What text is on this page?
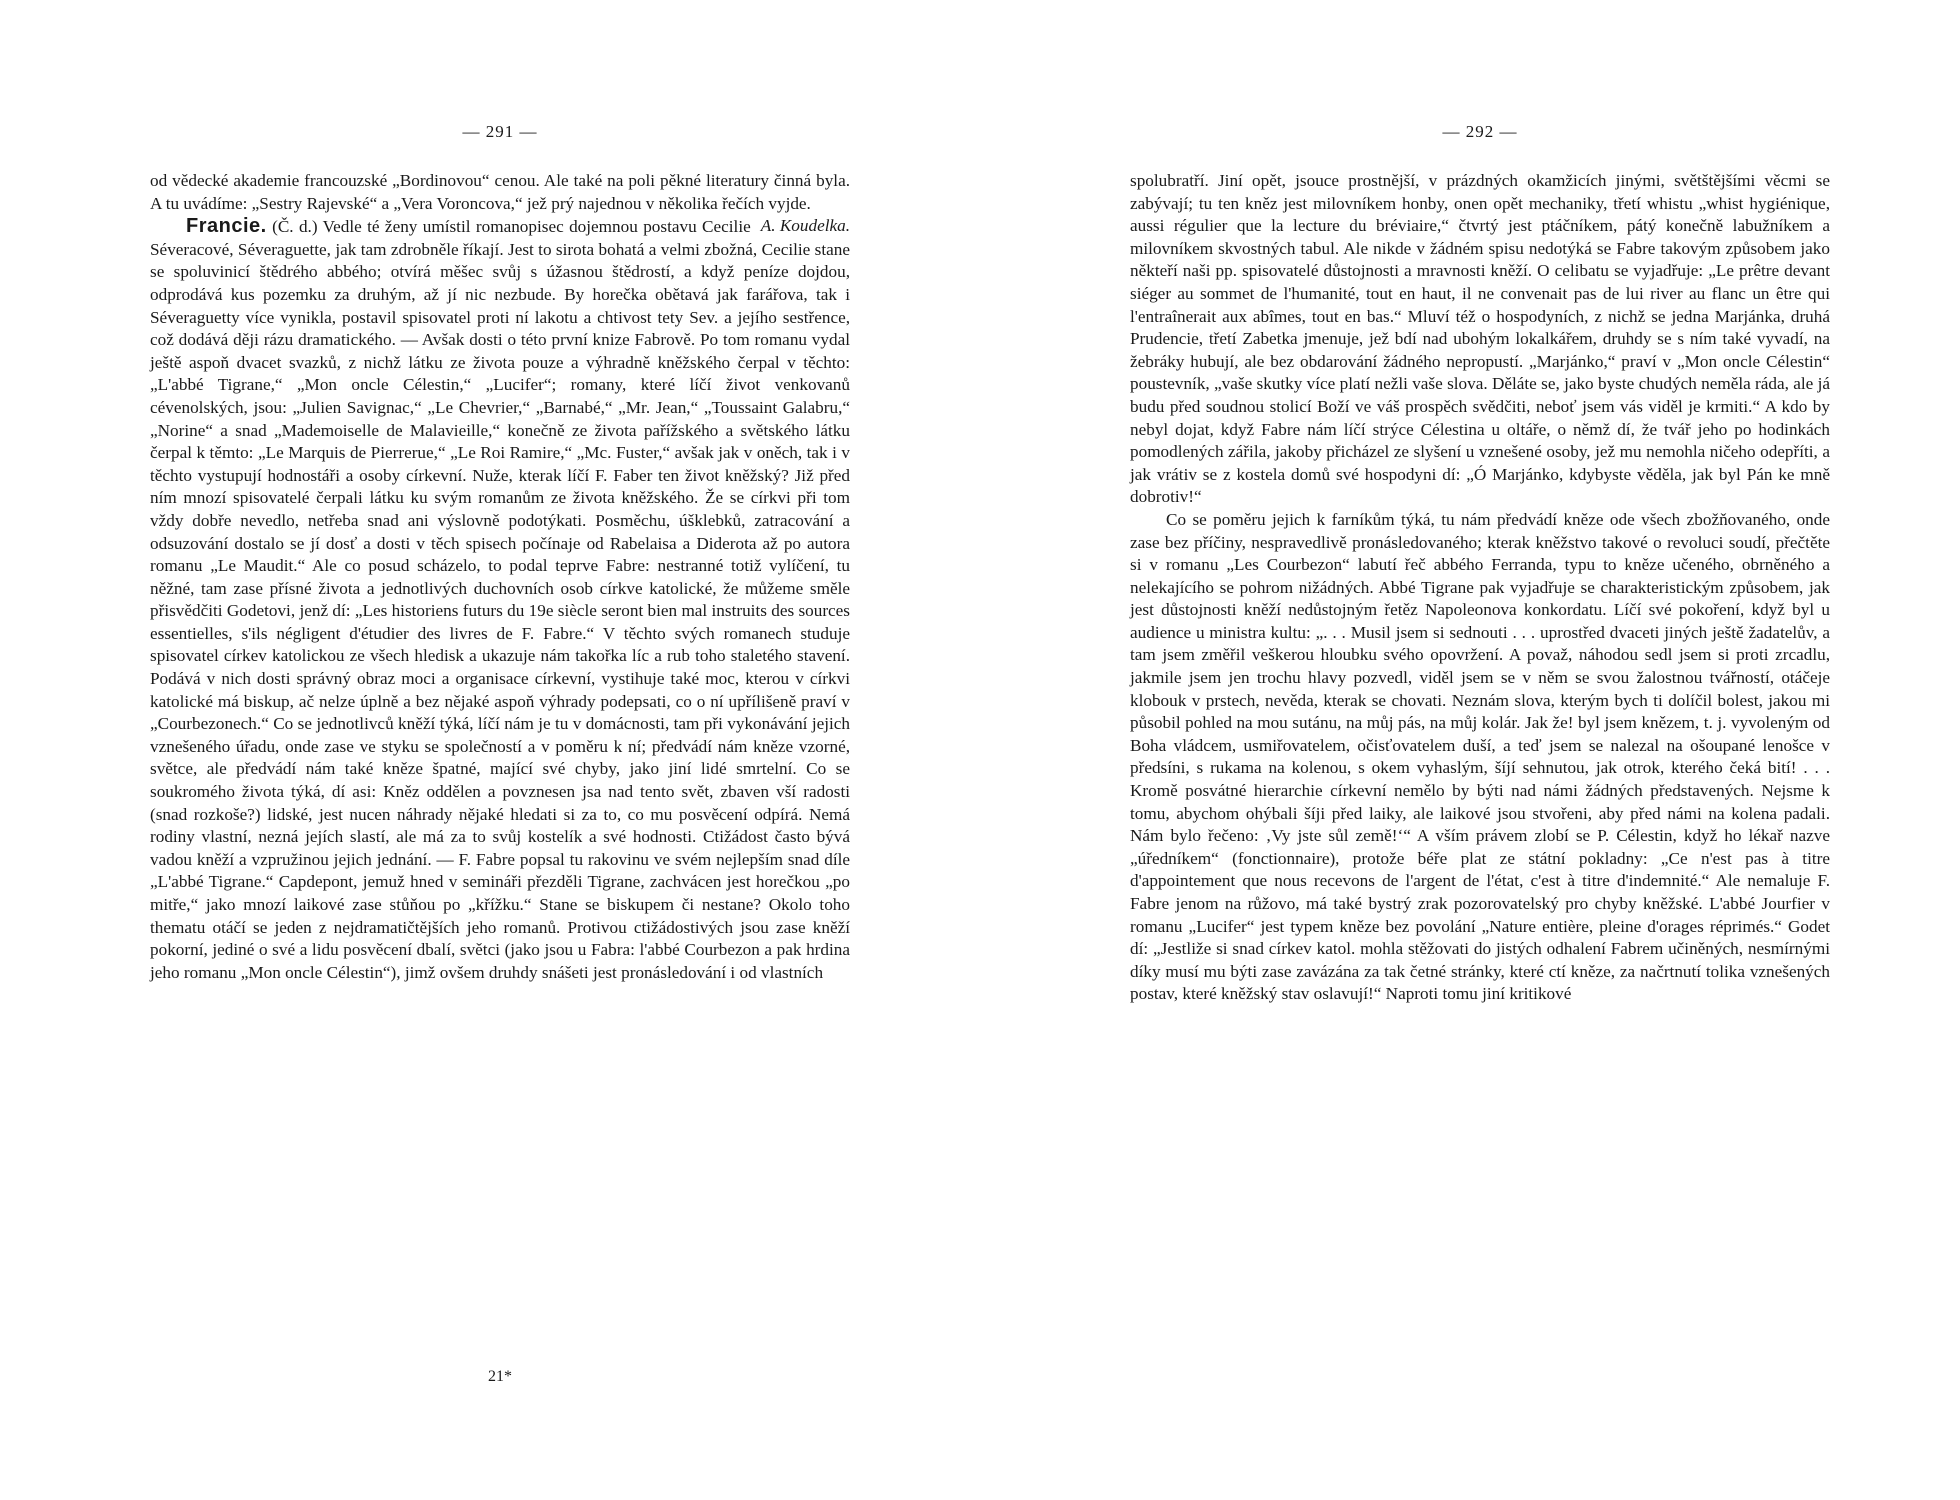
— 291 —

od vědecké akademie francouzské „Bordinovou“ cenou. Ale také na poli pěkné literatury činná byla. A tu uvádíme: „Sestry Rajevské“ a „Vera Voroncova,“ jež prý najednou v několika řečích vyjde.
A. Koudelka.

Francie. (Č. d.) Vedle té ženy umístil romanopisec dojemnou postavu Cecilie Séveracové, Séveraguette, jak tam zdrobněle říkají. Jest to sirota bohatá a velmi zbožná, Cecilie stane se spoluvinicí štědrého abbého; otvírá měšec svůj s úžasnou štědrostí, a když peníze dojdou, odprodává kus pozemku za druhým, až jí nic nezbude. By horečka obětavá jak farářova, tak i Séveraguetty více vynikla, postavil spisovatel proti ní lakotu a chtivost tety Sev. a jejího sestřence, což dodává ději rázu dramatického. — Avšak dosti o této první knize Fabrově. Po tom romanu vydal ještě aspoň dvacet svazků, z nichž látku ze života pouze a výhradně kněžského čerpal v těchto: „L'abbé Tigrane,“ „Mon oncle Célestin,“ „Lucifer“; romany, které líčí život venkovanů cévenolských, jsou: „Julien Savignac,“ „Le Chevrier,“ „Barnabé,“ „Mr. Jean,“ „Toussaint Galabru,“ „Norine“ a snad „Mademoiselle de Malavieille,“ konečně ze života pařížského a světského látku čerpal k těmto: „Le Marquis de Pierrerue,“ „Le Roi Ramire,“ „Mc. Fuster,“ avšak jak v oněch, tak i v těchto vystupují hodnostáři a osoby církevní. Nuže, kterak líčí F. Faber ten život kněžský? Již před ním mnozí spisovatelé čerpali látku ku svým romanům ze života kněžského. Že se církvi při tom vždy dobře nevedlo, netřeba snad ani výslovně podotýkati. Posměchu, úšklebků, zatracování a odsuzování dostalo se jí dosť a dosti v těch spisech počínaje od Rabelaisa a Diderota až po autora romanu „Le Maudit.“ Ale co posud scházelo, to podal teprve Fabre: nestranné totiž vylíčení, tu něžné, tam zase přísné života a jednotlivých duchovních osob církve katolické, že můžeme směle přisvědčiti Godetovi, jenž dí: „Les historiens futurs du 19e siècle seront bien mal instruits des sources essentielles, s'ils négligent d'étudier des livres de F. Fabre.“ V těchto svých romanech studuje spisovatel církev katolickou ze všech hledisk a ukazuje nám takořka líc a rub toho staletého stavení. Podává v nich dosti správný obraz moci a organisace církevní, vystihuje také moc, kterou v církvi katolické má biskup, ač nelze úplně a bez nějaké aspoň výhrady podepsati, co o ní upřílišeně praví v „Courbezonech.“ Co se jednotlivců kněží týká, líčí nám je tu v domácnosti, tam při vykonávání jejich vznešeného úřadu, onde zase ve styku se společností a v poměru k ní; předvádí nám kněze vzorné, světce, ale předvádí nám také kněze špatné, mající své chyby, jako jiní lidé smrtelní. Co se soukromého života týká, dí asi: Kněz oddělen a povznesen jsa nad tento svět, zbaven vší radosti (snad rozkoše?) lidské, jest nucen náhrady nějaké hledati si za to, co mu posvěcení odpírá. Nemá rodiny vlastní, nezná jejích slastí, ale má za to svůj kostelík a své hodnosti. Ctižádost často bývá vadou kněží a vzpružinou jejich jednání. — F. Fabre popsal tu rakovinu ve svém nejlepším snad díle „L'abbé Tigrane.“ Capdepont, jemuž hned v semináři přezděli Tigrane, zachvácen jest horečkou „po mitře,“ jako mnozí laikové zase stůňou po „křížku.“ Stane se biskupem či nestane? Okolo toho thematu otáčí se jeden z nejdramatičtějších jeho romanů. Protivou ctižádostivých jsou zase kněží pokorní, jediné o své a lidu posvěcení dbalí, světci (jako jsou u Fabra: l'abbé Courbezon a pak hrdina jeho romanu „Mon oncle Célestin“), jimž ovšem druhdy snášeti jest pronásledování i od vlastních

21*
— 292 —

spolubratří. Jiní opět, jsouce prostnější, v prázdných okamžicích jinými, světštějšími věcmi se zabývají; tu ten kněz jest milovníkem honby, onen opět mechaniky, třetí whistu „whist hygiénique, aussi régulier que la lecture du bréviaire,“ čtvrtý jest ptáčníkem, pátý konečně labužníkem a milovníkem skvostných tabul. Ale nikde v žádném spisu nedotýká se Fabre takovým způsobem jako někteří naši pp. spisovatelé důstojnosti a mravnosti kněží. O celibatu se vyjadřuje: „Le prêtre devant siéger au sommet de l'humanité, tout en haut, il ne convenait pas de lui river au flanc un être qui l'entraînerait aux abîmes, tout en bas.“ Mluví též o hospodyních, z nichž se jedna Marjánka, druhá Prudencie, třetí Zabetka jmenuje, jež bdí nad ubohým lokalkářem, druhdy se s ním také vyvadí, na žebráky hubují, ale bez obdarování žádného nepropustí. „Marjánko,“ praví v „Mon oncle Célestin“ poustevník, „vaše skutky více platí nežli vaše slova. Děláte se, jako byste chudých neměla ráda, ale já budu před soudnou stolicí Boží ve váš prospěch svědčiti, neboť jsem vás viděl je krmiti.“ A kdo by nebyl dojat, když Fabre nám líčí strýce Célestina u oltáře, o němž dí, že tvář jeho po hodinkách pomodlených zářila, jakoby přicházel ze slyšení u vznešené osoby, jež mu nemohla ničeho odepříti, a jak vrátiv se z kostela domů své hospodyni dí: „Ó Marjánko, kdybyste věděla, jak byl Pán ke mně dobrotiv!“

Co se poměru jejich k farníkům týká, tu nám předvádí kněze ode všech zbožňovaného, onde zase bez příčiny, nespravedlivě pronásledovaného; kterak kněžstvo takové o revoluci soudí, přečtěte si v romanu „Les Courbezon“ labutí řeč abbého Ferranda, typu to kněze učeného, obrněného a nelekajícího se pohrom nižádných. Abbé Tigrane pak vyjadřuje se charakteristickým způsobem, jak jest důstojnosti kněží nedůstojným řetěz Napoleonova konkordatu. Líčí své pokoření, když byl u audience u ministra kultu: „. . . Musil jsem si sednouti . . . uprostřed dvaceti jiných ještě žadatelův, a tam jsem změřil veškerou hloubku svého opovržení. A považ, náhodou sedl jsem si proti zrcadlu, jakmile jsem jen trochu hlavy pozvedl, viděl jsem se v něm se svou žalostnou tvářností, otáčeje klobouk v prstech, nevěda, kterak se chovati. Neznám slova, kterým bych ti dolíčil bolest, jakou mi působil pohled na mou sutánu, na můj pás, na můj kolár. Jak že! byl jsem knězem, t. j. vyvoleným od Boha vládcem, usmiřovatelem, očisťovatelem duší, a teď jsem se nalezal na ošoupané lenošce v předsíni, s rukama na kolenou, s okem vyhaslým, šíjí sehnutou, jak otrok, kterého čeká bití! . . . Kromě posvátné hierarchie církevní nemělo by býti nad námi žádných představených. Nejsme k tomu, abychom ohýbali šíji před laiky, ale laikové jsou stvořeni, aby před námi na kolena padali. Nám bylo řečeno: ‚Vy jste sůl země!‘“ A vším právem zlobí se P. Célestin, když ho lékař nazve „úředníkem“ (fonctionnaire), protože béře plat ze státní pokladny: „Ce n'est pas à titre d'appointement que nous recevons de l'argent de l'état, c'est à titre d'indemnité.“ Ale nemaluje F. Fabre jenom na růžovo, má také bystrý zrak pozorovatelský pro chyby kněžské. L'abbé Jourfier v romanu „Lucifer“ jest typem kněze bez povolání „Nature entière, pleine d'orages réprimés.“ Godet dí: „Jestliže si snad církev katol. mohla stěžovati do jistých odhalení Fabrem učiněných, nesmírnými díky musí mu býti zase zavázána za tak četné stránky, které ctí kněze, za načrtnutí tolika vznešených postav, které kněžský stav oslavují!“ Naproti tomu jiní kritikové
